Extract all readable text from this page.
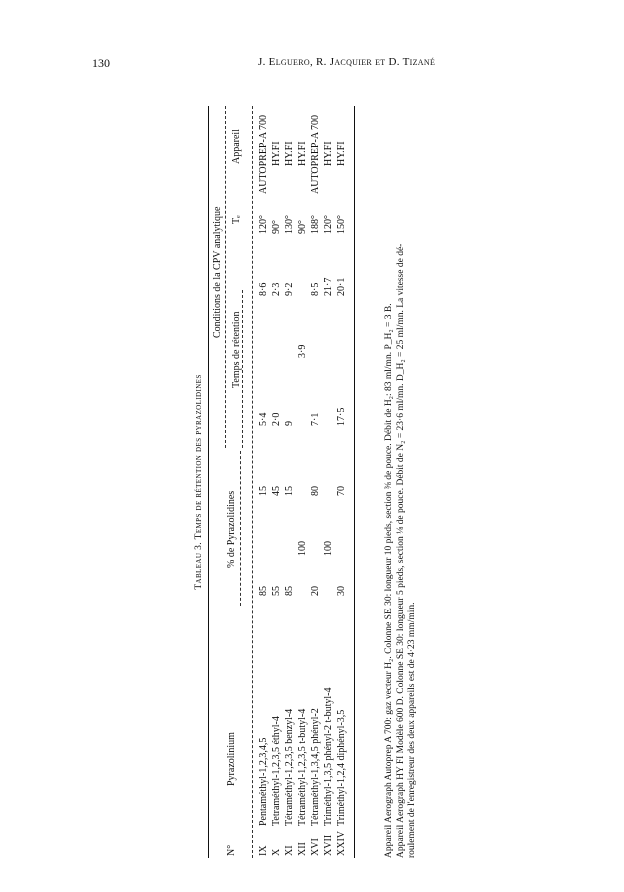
130	J. Elguero, R. Jacquier et D. Tizané
Tableau 3. Temps de rétention des pyrazolidines
N°
Pyrazolinium
% de Pyrazolidines
Conditions de la CPV analytique
Temps de rétention
Tₑ
Appareil
IX
Pentaméthyl-1,2,3,4,5
85
15
5·4
8·6
120°
AUTOPREP-A 700
X
Tetraméthyl-1,2,3,5 éthyl-4
55
45
2·0
2·3
90°
HY.FI
XI
Tétraméthyl-1,2,3,5 benzyl-4
85
15
9
9·2
130°
HY.FI
XII
Tétraméthyl-1,2,3,5 t-butyl-4
100
3·9
90°
HY.FI
XVI
Tétraméthyl-1,3,4,5 phényl-2
20
80
7·1
8·5
188°
AUTOPREP-A 700
XVII
Triméthyl-1,3,5 phényl-2 t-butyl-4
100
21·7
120°
HY.FI
XXIV
Triméthyl-1,2,4 diphényl-3,5
30
70
17·5
20·1
150°
HY.FI

Appareil Aerograph Autoprep A 700: gaz vecteur H₂. Colonne SE 30: longueur 10 pieds, section ⅜ de pouce. Débit de H₂: 83 ml/mn. P_H₂ = 3 B. Appareil Aerograph HY FI Modèle 600 D. Colonne SE 30: longueur 5 pieds, section ⅛ de pouce. Débit de N₂ = 23·6 ml/mn. D_H₂ = 25 ml/mn. La vitesse de dé- roulement de l'enregistreur des deux appareils est de 4·23 mm/min.
